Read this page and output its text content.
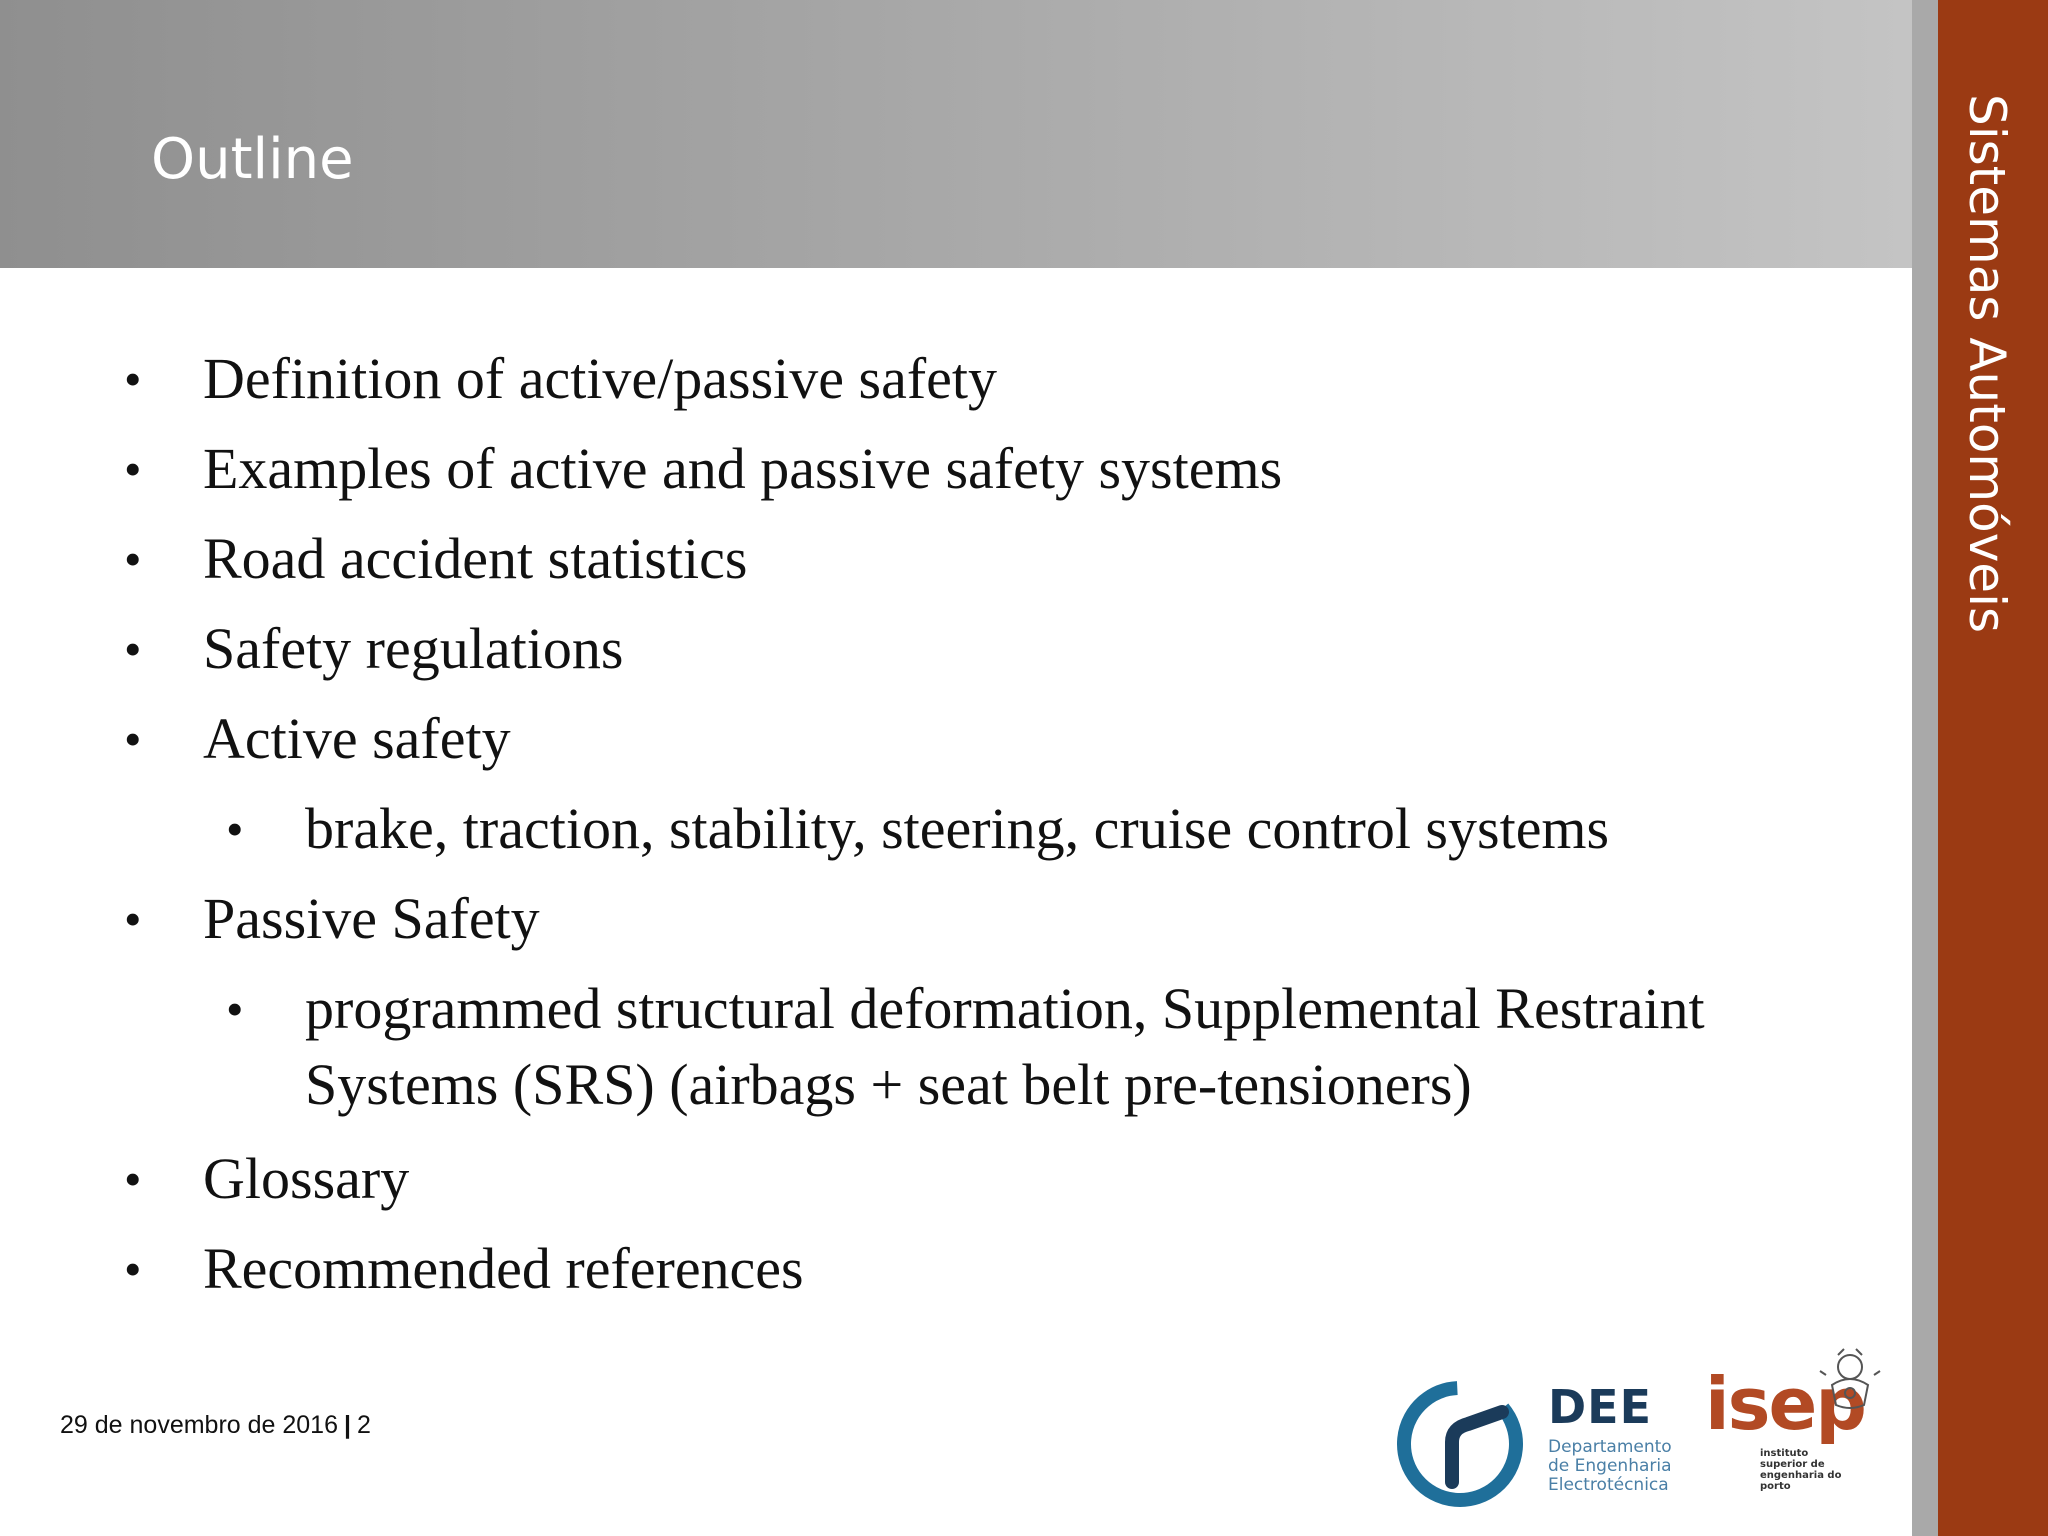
Outline	Sistemas Automóveis
• Definition of active/passive safety
• Examples of active and passive safety systems
• Road accident statistics
• Safety regulations
• Active safety
• brake, traction, stability, steering, cruise control systems
• Passive Safety
• programmed structural deformation, Supplemental Restraint Systems (SRS) (airbags + seat belt pre-tensioners)
• Glossary
• Recommended references
29 de novembro de 2016 | 2	DEE
Departamento
de Engenharia
Electrotécnica
isep
instituto
superior de
engenharia do
porto
